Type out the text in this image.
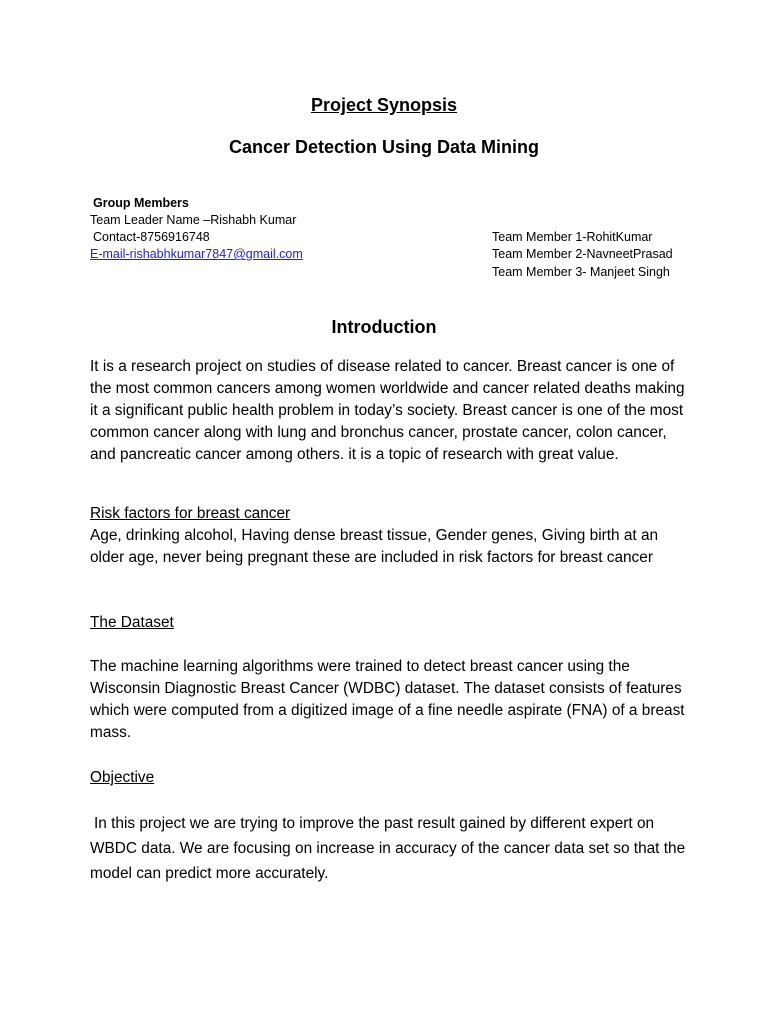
Project Synopsis
Cancer Detection Using Data Mining
Group Members
Team Leader Name –Rishabh Kumar
Contact-8756916748
E-mail-rishabhkumar7847@gmail.com
Team Member 1-RohitKumar
Team Member 2-NavneetPrasad
Team Member 3- Manjeet Singh
Introduction
It is a research project on studies of disease related to cancer. Breast cancer is one of the most common cancers among women worldwide and cancer related deaths making it a significant public health problem in today’s society. Breast cancer is one of the most common cancer along with lung and bronchus cancer, prostate cancer, colon cancer, and pancreatic cancer among others. it is a topic of research with great value.
Risk factors for breast cancer
Age, drinking alcohol, Having dense breast tissue, Gender genes, Giving birth at an older age, never being pregnant these are included in risk factors for breast cancer
The Dataset
The machine learning algorithms were trained to detect breast cancer using the Wisconsin Diagnostic Breast Cancer (WDBC) dataset. The dataset consists of features which were computed from a digitized image of a fine needle aspirate (FNA) of a breast mass.
Objective
In this project we are trying to improve the past result gained by different expert on WBDC data. We are focusing on increase in accuracy of the cancer data set so that the model can predict more accurately.
